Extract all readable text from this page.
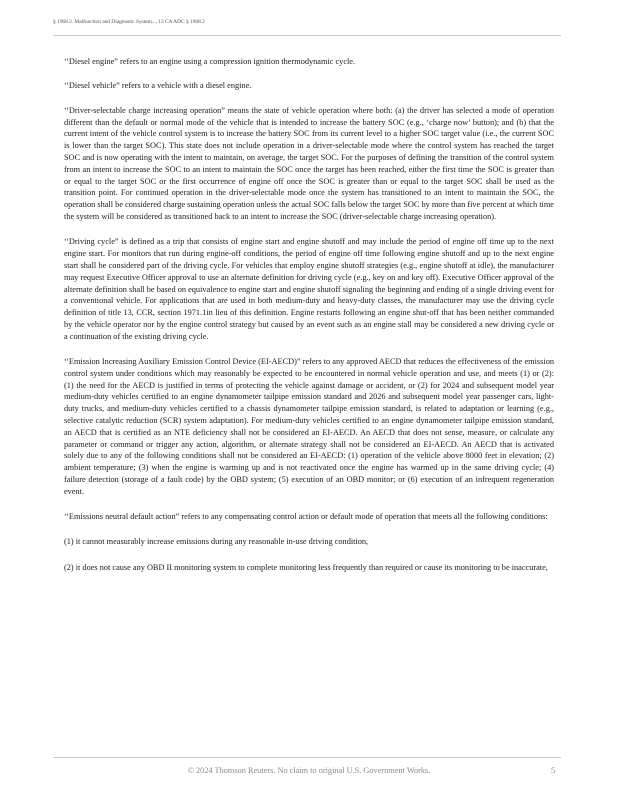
§ 1968.2. Malfunction and Diagnostic System..., 13 CA ADC § 1968.2

‘‘Diesel engine” refers to an engine using a compression ignition thermodynamic cycle.

‘‘Diesel vehicle” refers to a vehicle with a diesel engine.

‘‘Driver-selectable charge increasing operation” means the state of vehicle operation where both: (a) the driver has selected a mode of operation different than the default or normal mode of the vehicle that is intended to increase the battery SOC (e.g., ‘charge now’ button); and (b) that the current intent of the vehicle control system is to increase the battery SOC from its current level to a higher SOC target value (i.e., the current SOC is lower than the target SOC). This state does not include operation in a driver-selectable mode where the control system has reached the target SOC and is now operating with the intent to maintain, on average, the target SOC. For the purposes of defining the transition of the control system from an intent to increase the SOC to an intent to maintain the SOC once the target has been reached, either the first time the SOC is greater than or equal to the target SOC or the first occurrence of engine off once the SOC is greater than or equal to the target SOC shall be used as the transition point. For continued operation in the driver-selectable mode once the system has transitioned to an intent to maintain the SOC, the operation shall be considered charge sustaining operation unless the actual SOC falls below the target SOC by more than five percent at which time the system will be considered as transitioned back to an intent to increase the SOC (driver-selectable charge increasing operation).

‘‘Driving cycle” is defined as a trip that consists of engine start and engine shutoff and may include the period of engine off time up to the next engine start. For monitors that run during engine-off conditions, the period of engine off time following engine shutoff and up to the next engine start shall be considered part of the driving cycle. For vehicles that employ engine shutoff strategies (e.g., engine shutoff at idle), the manufacturer may request Executive Officer approval to use an alternate definition for driving cycle (e.g., key on and key off). Executive Officer approval of the alternate definition shall be based on equivalence to engine start and engine shutoff signaling the beginning and ending of a single driving event for a conventional vehicle. For applications that are used in both medium-duty and heavy-duty classes, the manufacturer may use the driving cycle definition of title 13, CCR, section 1971.1in lieu of this definition. Engine restarts following an engine shut-off that has been neither commanded by the vehicle operator nor by the engine control strategy but caused by an event such as an engine stall may be considered a new driving cycle or a continuation of the existing driving cycle.

‘‘Emission Increasing Auxiliary Emission Control Device (EI-AECD)” refers to any approved AECD that reduces the effectiveness of the emission control system under conditions which may reasonably be expected to be encountered in normal vehicle operation and use, and meets (1) or (2): (1) the need for the AECD is justified in terms of protecting the vehicle against damage or accident, or (2) for 2024 and subsequent model year medium-duty vehicles certified to an engine dynamometer tailpipe emission standard and 2026 and subsequent model year passenger cars, light-duty trucks, and medium-duty vehicles certified to a chassis dynamometer tailpipe emission standard, is related to adaptation or learning (e.g., selective catalytic reduction (SCR) system adaptation). For medium-duty vehicles certified to an engine dynamometer tailpipe emission standard, an AECD that is certified as an NTE deficiency shall not be considered an EI-AECD. An AECD that does not sense, measure, or calculate any parameter or command or trigger any action, algorithm, or alternate strategy shall not be considered an EI-AECD. An AECD that is activated solely due to any of the following conditions shall not be considered an EI-AECD: (1) operation of the vehicle above 8000 feet in elevation; (2) ambient temperature; (3) when the engine is warming up and is not reactivated once the engine has warmed up in the same driving cycle; (4) failure detection (storage of a fault code) by the OBD system; (5) execution of an OBD monitor; or (6) execution of an infrequent regeneration event.

‘‘Emissions neutral default action” refers to any compensating control action or default mode of operation that meets all the following conditions:

(1) it cannot measurably increase emissions during any reasonable in-use driving condition,

(2) it does not cause any OBD II monitoring system to complete monitoring less frequently than required or cause its monitoring to be inaccurate,

© 2024 Thomson Reuters. No claim to original U.S. Government Works.	5
